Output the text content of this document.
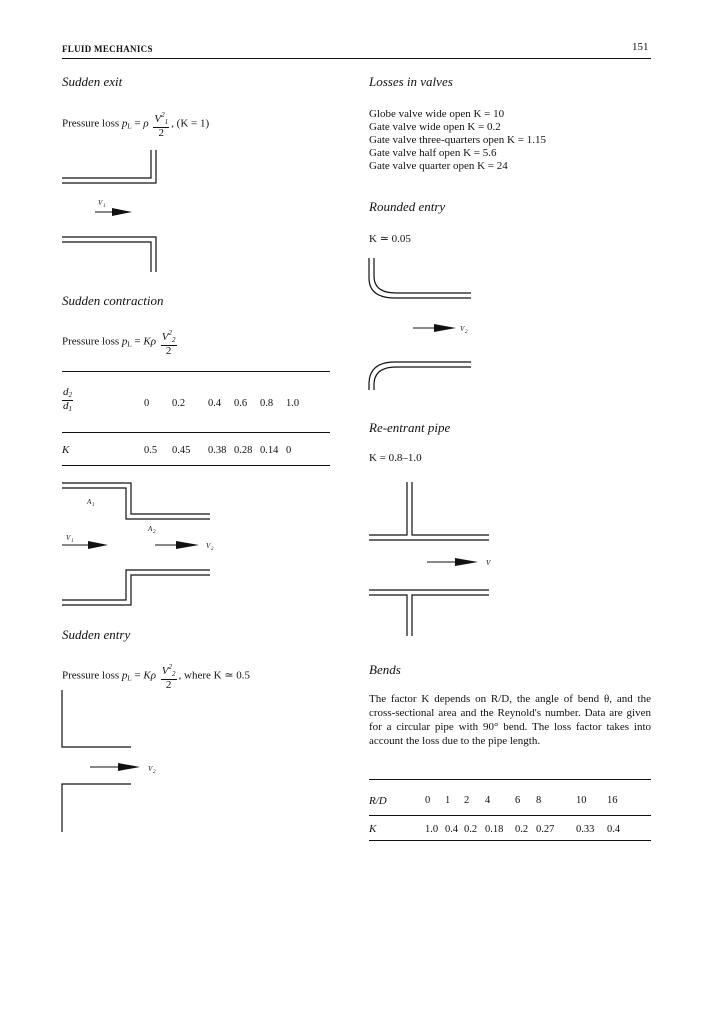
FLUID MECHANICS	151
Sudden exit
Pressure loss $p_L = \rho \frac{V^2_1}{2}$ , (K = 1)
V 1
Sudden contraction
Pressure loss $p_L = K\rho \frac{V^2_2}{2}$
$\frac{d_2}{d_1}$	0	0.2	0.4	0.6	0.8	1.0
K	0.5	0.45	0.38	0.28	0.14	0
A 1
A 2
V 1
V 2
Sudden entry
Pressure loss $p_L = K\rho \frac{V^2_2}{2}$ , where K ≃ 0.5
V 2
Losses in valves
Globe valve wide open K = 10
Gate valve wide open K = 0.2
Gate valve three-quarters open K = 1.15
Gate valve half open K = 5.6
Gate valve quarter open K = 24
Rounded entry
K ≃ 0.05
V 2
Re-entrant pipe
K = 0.8–1.0
V
Bends
The factor K depends on R/D, the angle of bend θ, and the cross-sectional area and the Reynold's number. Data are given for a circular pipe with 90° bend. The loss factor takes into account the loss due to the pipe length.
R/D	0	1	2	4	6	8	10	16
K	1.0	0.4	0.2	0.18	0.2	0.27	0.33	0.4
